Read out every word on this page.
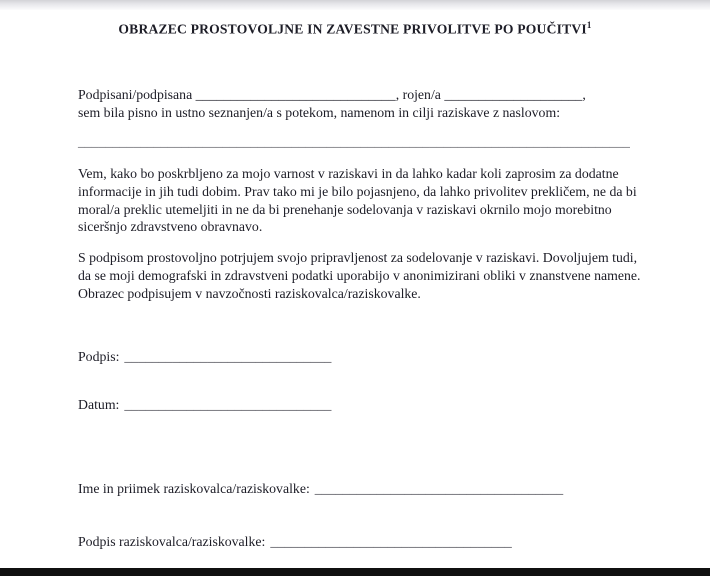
OBRAZEC PROSTOVOLJNE IN ZAVESTNE PRIVOLITVE PO POUČITVI$^1$
Podpisani/podpisana _____________________________, rojen/a ____________________,
sem bila pisno in ustno seznanjen/a s potekom, namenom in cilji raziskave z naslovom:
________________________________________________________________________________
Vem, kako bo poskrbljeno za mojo varnost v raziskavi in da lahko kadar koli zaprosim za dodatne informacije in jih tudi dobim. Prav tako mi je bilo pojasnjeno, da lahko privolitev prekličem, ne da bi moral/a preklic utemeljiti in ne da bi prenehanje sodelovanja v raziskavi okrnilo mojo morebitno siceršnjo zdravstveno obravnavo.
S podpisom prostovoljno potrjujem svojo pripravljenost za sodelovanje v raziskavi. Dovoljujem tudi, da se moji demografski in zdravstveni podatki uporabijo v anonimizirani obliki v znanstvene namene. Obrazec podpisujem v navzočnosti raziskovalca/raziskovalke.
Podpis: ______________________________
Datum: ______________________________
Ime in priimek raziskovalca/raziskovalke: ____________________________________
Podpis raziskovalca/raziskovalke: ___________________________________
